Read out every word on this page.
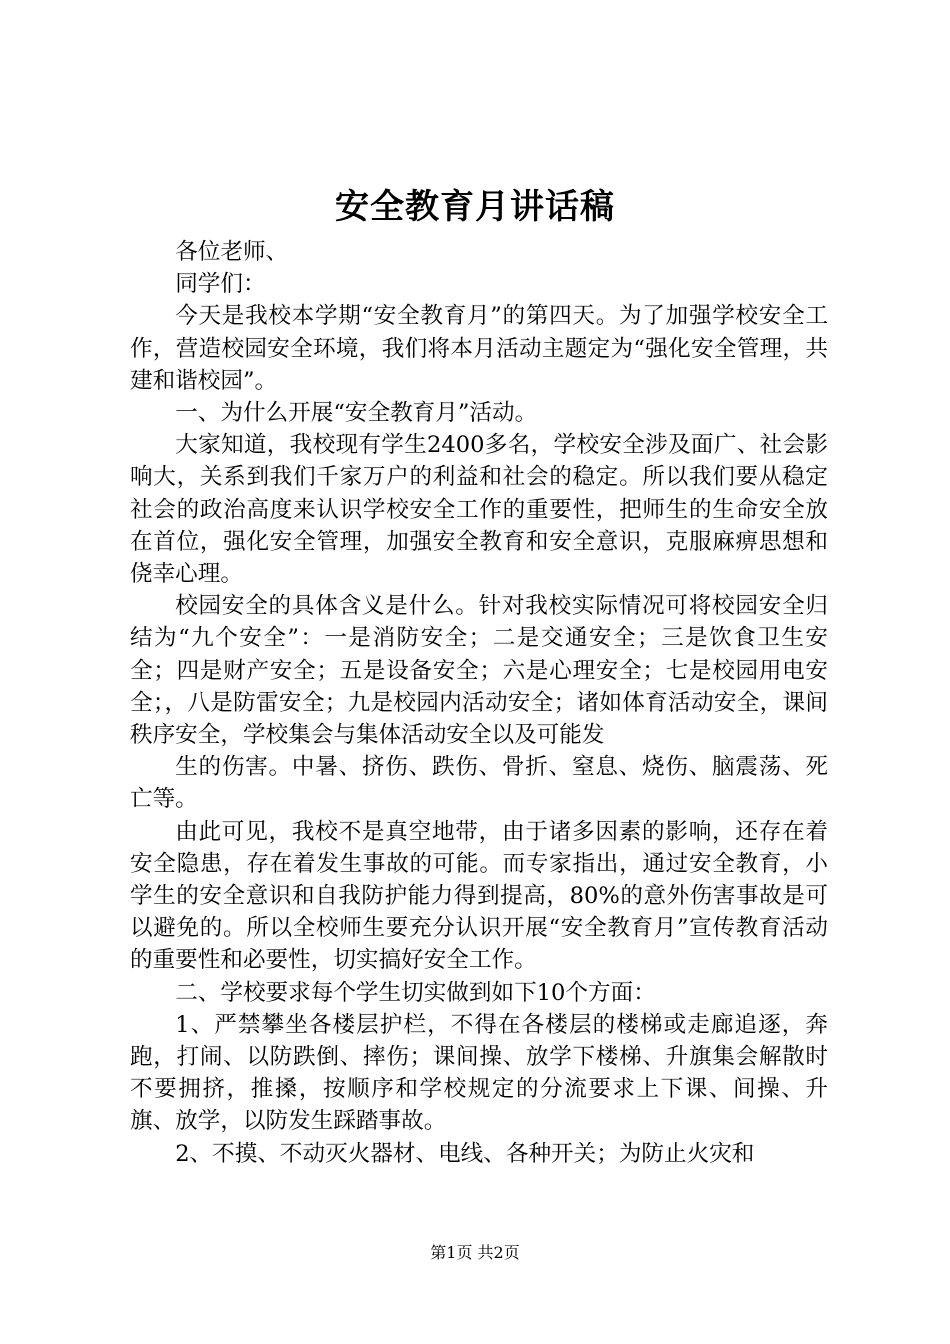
安全教育月讲话稿

各位老师、

同学们：

今天是我校本学期“安全教育月”的第四天。为了加强学校安全工作，营造校园安全环境，我们将本月活动主题定为“强化安全管理，共建和谐校园”。

一、为什么开展“安全教育月”活动。

大家知道，我校现有学生2400多名，学校安全涉及面广、社会影响大，关系到我们千家万户的利益和社会的稳定。所以我们要从稳定社会的政治高度来认识学校安全工作的重要性，把师生的生命安全放在首位，强化安全管理，加强安全教育和安全意识，克服麻痹思想和侥幸心理。

校园安全的具体含义是什么。针对我校实际情况可将校园安全归结为“九个安全”：一是消防安全；二是交通安全；三是饮食卫生安全；四是财产安全；五是设备安全；六是心理安全；七是校园用电安全；，八是防雷安全；九是校园内活动安全；诸如体育活动安全，课间秩序安全，学校集会与集体活动安全以及可能发

生的伤害。中暑、挤伤、跌伤、骨折、窒息、烧伤、脑震荡、死亡等。

由此可见，我校不是真空地带，由于诸多因素的影响，还存在着安全隐患，存在着发生事故的可能。而专家指出，通过安全教育，小学生的安全意识和自我防护能力得到提高，80%的意外伤害事故是可以避免的。所以全校师生要充分认识开展“安全教育月”宣传教育活动的重要性和必要性，切实搞好安全工作。

二、学校要求每个学生切实做到如下10个方面：

1、严禁攀坐各楼层护栏，不得在各楼层的楼梯或走廊追逐，奔跑，打闹、以防跌倒、摔伤；课间操、放学下楼梯、升旗集会解散时不要拥挤，推搡，按顺序和学校规定的分流要求上下课、间操、升旗、放学，以防发生踩踏事故。

2、不摸、不动灭火器材、电线、各种开关；为防止火灾和

第1页 共2页
